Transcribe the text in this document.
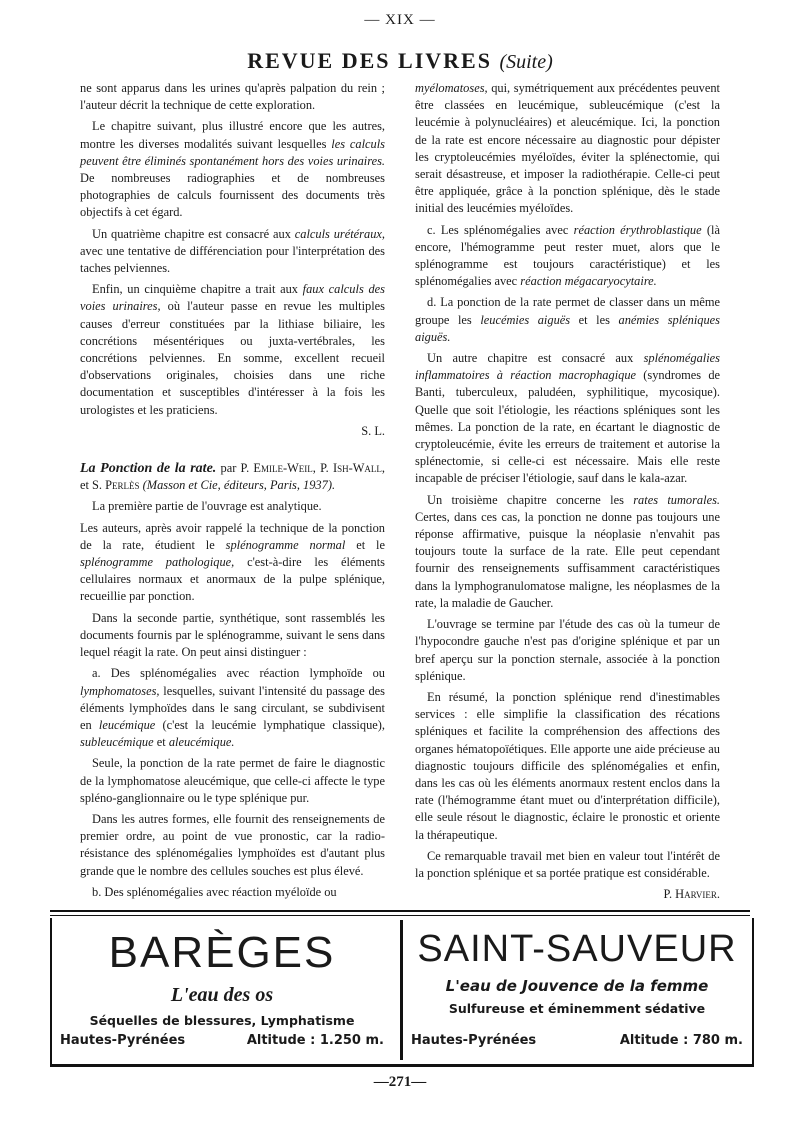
— XIX —
REVUE DES LIVRES (Suite)

ne sont apparus dans les urines qu'après palpation du rein ; l'auteur décrit la technique de cette exploration.

Le chapitre suivant, plus illustré encore que les autres, montre les diverses modalités suivant lesquelles les calculs peuvent être éliminés spontanément hors des voies urinaires. De nombreuses radiographies et de nombreuses photographies de calculs fournissent des documents très objectifs à cet égard.

Un quatrième chapitre est consacré aux calculs urétéraux, avec une tentative de différenciation pour l'interprétation des taches pelviennes.

Enfin, un cinquième chapitre a trait aux faux calculs des voies urinaires, où l'auteur passe en revue les multiples causes d'erreur constituées par la lithiase biliaire, les concrétions mésentériques ou juxta-vertébrales, les concrétions pelviennes. En somme, excellent recueil d'observations originales, choisies dans une riche documentation et susceptibles d'intéresser à la fois les urologistes et les praticiens.

S. L.

La Ponction de la rate. par P. Emile-Weil, P. Ish-Wall, et S. Perlès (Masson et Cie, éditeurs, Paris, 1937).

La première partie de l'ouvrage est analytique.

Les auteurs, après avoir rappelé la technique de la ponction de la rate, étudient le splénogramme normal et le splénogramme pathologique, c'est-à-dire les éléments cellulaires normaux et anormaux de la pulpe splénique, recueillie par ponction.

Dans la seconde partie, synthétique, sont rassemblés les documents fournis par le splénogramme, suivant le sens dans lequel réagit la rate. On peut ainsi distinguer :

a. Des splénomégalies avec réaction lymphoïde ou lymphomatoses, lesquelles, suivant l'intensité du passage des éléments lymphoïdes dans le sang circulant, se subdivisent en leucémique (c'est la leucémie lymphatique classique), subleucémique et aleucémique.

Seule, la ponction de la rate permet de faire le diagnostic de la lymphomatose aleucémique, que celle-ci affecte le type spléno-ganglionnaire ou le type splénique pur.

Dans les autres formes, elle fournit des renseignements de premier ordre, au point de vue pronostic, car la radio-résistance des splénomégalies lymphoïdes est d'autant plus grande que le nombre des cellules souches est plus élevé.

b. Des splénomégalies avec réaction myéloïde ou

myélomatoses, qui, symétriquement aux précédentes peuvent être classées en leucémique, subleucémique (c'est la leucémie à polynucléaires) et aleucémique. Ici, la ponction de la rate est encore nécessaire au diagnostic pour dépister les cryptoleucémies myéloïdes, éviter la splénectomie, qui serait désastreuse, et imposer la radiothérapie. Celle-ci peut être appliquée, grâce à la ponction splénique, dès le stade initial des leucémies myéloïdes.

c. Les splénomégalies avec réaction érythroblastique (là encore, l'hémogramme peut rester muet, alors que le splénogramme est toujours caractéristique) et les splénomégalies avec réaction mégacaryocytaire.

d. La ponction de la rate permet de classer dans un même groupe les leucémies aiguës et les anémies spléniques aiguës.

Un autre chapitre est consacré aux splénomégalies inflammatoires à réaction macrophagique (syndromes de Banti, tuberculeux, paludéen, syphilitique, mycosique). Quelle que soit l'étiologie, les réactions spléniques sont les mêmes. La ponction de la rate, en écartant le diagnostic de cryptoleucémie, évite les erreurs de traitement et autorise la splénectomie, si celle-ci est nécessaire. Mais elle reste incapable de préciser l'étiologie, sauf dans le kala-azar.

Un troisième chapitre concerne les rates tumorales. Certes, dans ces cas, la ponction ne donne pas toujours une réponse affirmative, puisque la néoplasie n'envahit pas toujours toute la surface de la rate. Elle peut cependant fournir des renseignements suffisamment caractéristiques dans la lymphogranulomatose maligne, les néoplasmes de la rate, la maladie de Gaucher.

L'ouvrage se termine par l'étude des cas où la tumeur de l'hypocondre gauche n'est pas d'origine splénique et par un bref aperçu sur la ponction sternale, associée à la ponction splénique.

En résumé, la ponction splénique rend d'inestimables services : elle simplifie la classification des récations spléniques et facilite la compréhension des affections des organes hématopoïétiques. Elle apporte une aide précieuse au diagnostic toujours difficile des splénomégalies et enfin, dans les cas où les éléments anormaux restent enclos dans la rate (l'hémogramme étant muet ou d'interprétation difficile), elle seule résout le diagnostic, éclaire le pronostic et oriente la thérapeutique.

Ce remarquable travail met bien en valeur tout l'intérêt de la ponction splénique et sa portée pratique est considérable.

P. Harvier.
BARÈGES
L'eau des os
Séquelles de blessures, Lymphatisme
Hautes-Pyrénées	Altitude : 1.250 m.
SAINT-SAUVEUR
L'eau de Jouvence de la femme
Sulfureuse et éminemment sédative
Hautes-Pyrénées	Altitude : 780 m.
—271—
